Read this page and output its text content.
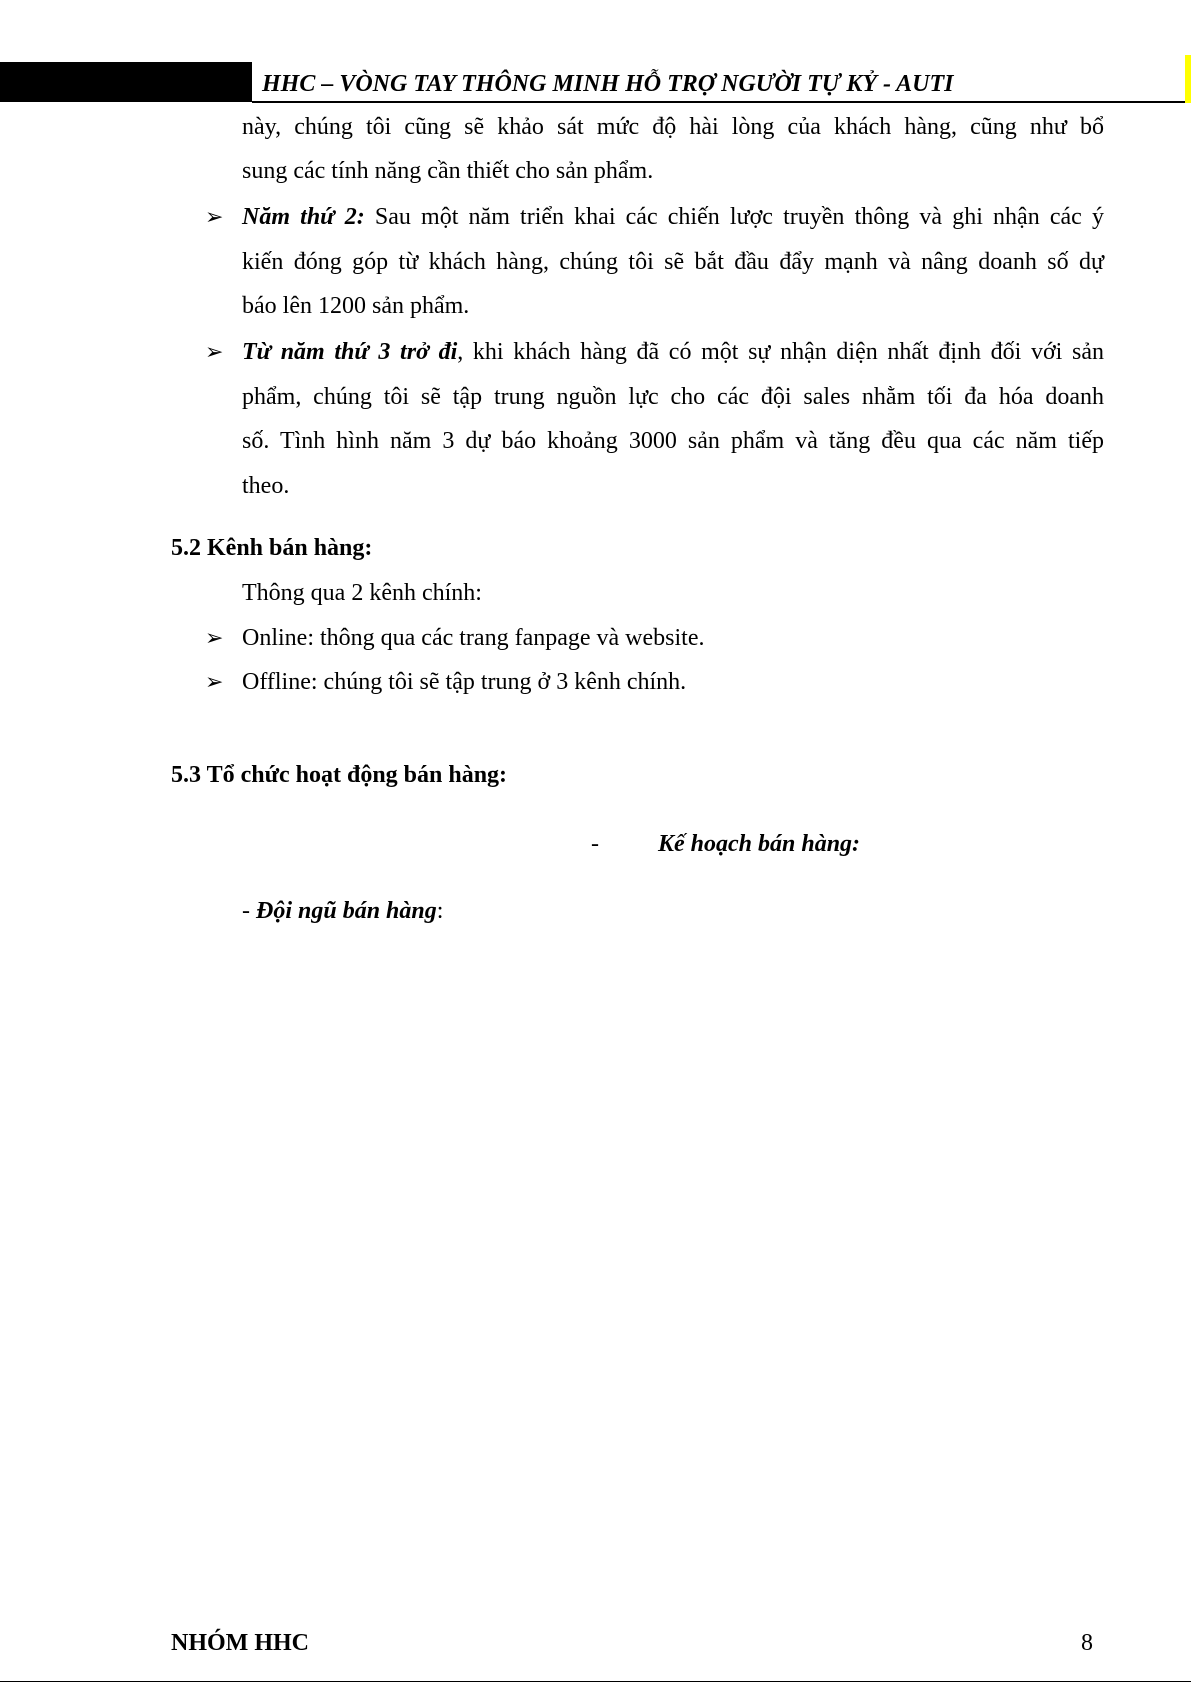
HHC – VÒNG TAY THÔNG MINH HỖ TRỢ NGƯỜI TỰ KỶ - AUTI
này, chúng tôi cũng sẽ khảo sát mức độ hài lòng của khách hàng, cũng như bổ
sung các tính năng cần thiết cho sản phẩm.
➢ Năm thứ 2: Sau một năm triển khai các chiến lược truyền thông và ghi nhận các ý
kiến đóng góp từ khách hàng, chúng tôi sẽ bắt đầu đẩy mạnh và nâng doanh số dự
báo lên 1200 sản phẩm.
➢ Từ năm thứ 3 trở đi, khi khách hàng đã có một sự nhận diện nhất định đối với sản
phẩm, chúng tôi sẽ tập trung nguồn lực cho các đội sales nhằm tối đa hóa doanh
số. Tình hình năm 3 dự báo khoảng 3000 sản phẩm và tăng đều qua các năm tiếp
theo.
5.2 Kênh bán hàng:
Thông qua 2 kênh chính:
➢ Online: thông qua các trang fanpage và website.
➢ Offline: chúng tôi sẽ tập trung ở 3 kênh chính.
5.3 Tổ chức hoạt động bán hàng:
- Kế hoạch bán hàng:
- Đội ngũ bán hàng:
NHÓM HHC	8
